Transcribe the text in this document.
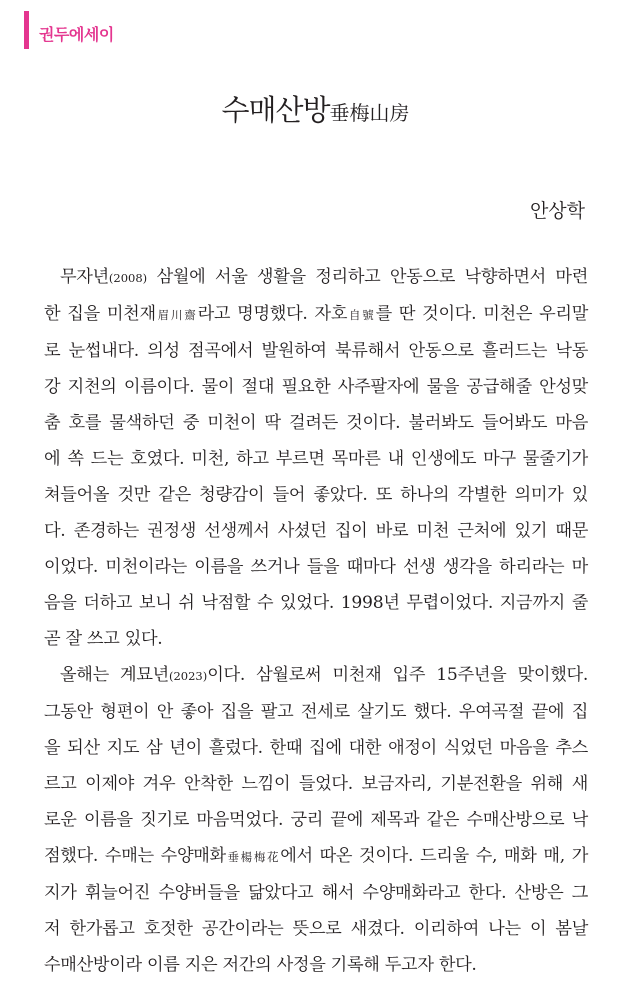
권두에세이
수매산방垂梅山房
안상학
무자년(2008) 삼월에 서울 생활을 정리하고 안동으로 낙향하면서 마련
한 집을 미천재眉川齋라고 명명했다. 자호自號를 딴 것이다. 미천은 우리말
로 눈썹내다. 의성 점곡에서 발원하여 북류해서 안동으로 흘러드는 낙동
강 지천의 이름이다. 물이 절대 필요한 사주팔자에 물을 공급해줄 안성맞
춤 호를 물색하던 중 미천이 딱 걸려든 것이다. 불러봐도 들어봐도 마음
에 쏙 드는 호였다. 미천, 하고 부르면 목마른 내 인생에도 마구 물줄기가
쳐들어올 것만 같은 청량감이 들어 좋았다. 또 하나의 각별한 의미가 있
다. 존경하는 권정생 선생께서 사셨던 집이 바로 미천 근처에 있기 때문
이었다. 미천이라는 이름을 쓰거나 들을 때마다 선생 생각을 하리라는 마
음을 더하고 보니 쉬 낙점할 수 있었다. 1998년 무렵이었다. 지금까지 줄
곧 잘 쓰고 있다.
올해는 계묘년(2023)이다. 삼월로써 미천재 입주 15주년을 맞이했다.
그동안 형편이 안 좋아 집을 팔고 전세로 살기도 했다. 우여곡절 끝에 집
을 되산 지도 삼 년이 흘렀다. 한때 집에 대한 애정이 식었던 마음을 추스
르고 이제야 겨우 안착한 느낌이 들었다. 보금자리, 기분전환을 위해 새
로운 이름을 짓기로 마음먹었다. 궁리 끝에 제목과 같은 수매산방으로 낙
점했다. 수매는 수양매화垂楊梅花에서 따온 것이다. 드리울 수, 매화 매, 가
지가 휘늘어진 수양버들을 닮았다고 해서 수양매화라고 한다. 산방은 그
저 한가롭고 호젓한 공간이라는 뜻으로 새겼다. 이리하여 나는 이 봄날
수매산방이라 이름 지은 저간의 사정을 기록해 두고자 한다.
